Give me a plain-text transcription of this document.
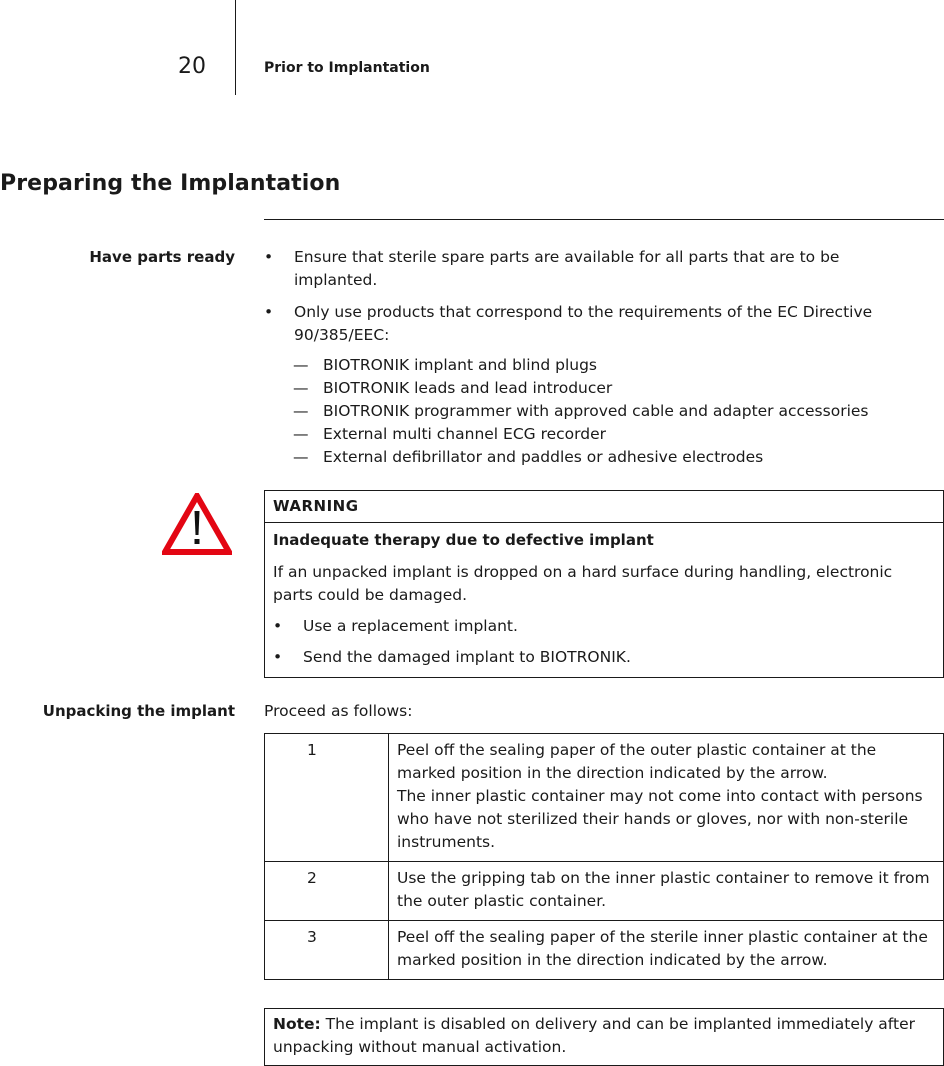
20	Prior to Implantation
Preparing the Implantation
Have parts ready • Ensure that sterile spare parts are available for all parts that are to be implanted.
• Only use products that correspond to the requirements of the EC Directive 90/385/EEC:
— BIOTRONIK implant and blind plugs
— BIOTRONIK leads and lead introducer
— BIOTRONIK programmer with approved cable and adapter accessories
— External multi channel ECG recorder
— External defibrillator and paddles or adhesive electrodes
WARNING
Inadequate therapy due to defective implant
If an unpacked implant is dropped on a hard surface during handling, electronic parts could be damaged.
• Use a replacement implant.
• Send the damaged implant to BIOTRONIK.
Unpacking the implant Proceed as follows:
1	Peel off the sealing paper of the outer plastic container at the marked position in the direction indicated by the arrow.
The inner plastic container may not come into contact with persons who have not sterilized their hands or gloves, nor with non-sterile instruments.

2	Use the gripping tab on the inner plastic container to remove it from the outer plastic container.

3	Peel off the sealing paper of the sterile inner plastic container at the marked position in the direction indicated by the arrow.
Note: The implant is disabled on delivery and can be implanted immediately after unpacking without manual activation.
